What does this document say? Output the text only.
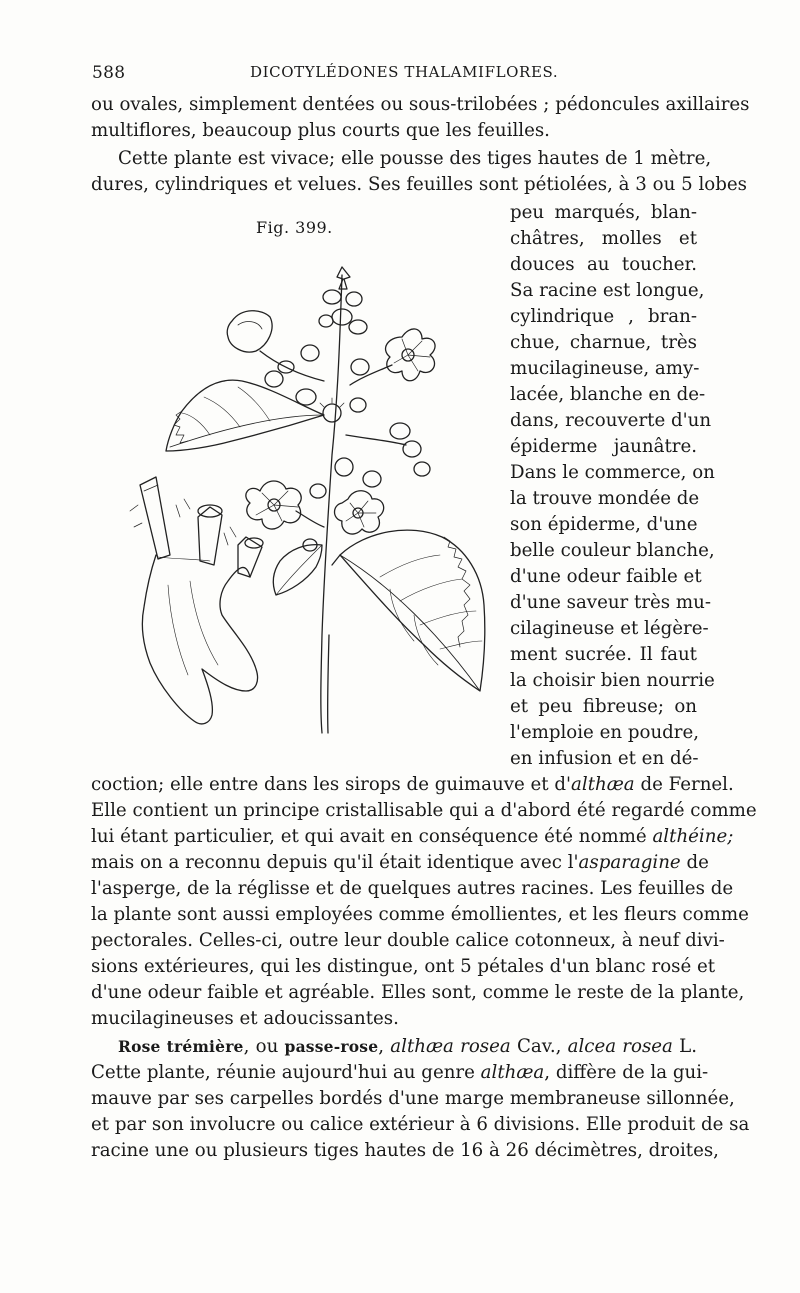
588	DICOTYLÉDONES THALAMIFLORES.
ou ovales, simplement dentées ou sous-trilobées ; pédoncules axillaires
multiflores, beaucoup plus courts que les feuilles.
Cette plante est vivace; elle pousse des tiges hautes de 1 mètre,
dures, cylindriques et velues. Ses feuilles sont pétiolées, à 3 ou 5 lobes
Fig. 399.
peu marqués, blan-
châtres, molles et
douces au toucher.
Sa racine est longue,
cylindrique , bran-
chue, charnue, très
mucilagineuse, amy-
lacée, blanche en de-
dans, recouverte d'un
épiderme jaunâtre.
Dans le commerce, on
la trouve mondée de
son épiderme, d'une
belle couleur blanche,
d'une odeur faible et
d'une saveur très mu-
cilagineuse et légère-
ment sucrée. Il faut
la choisir bien nourrie
et peu fibreuse; on
l'emploie en poudre,
en infusion et en dé-
coction; elle entre dans les sirops de guimauve et d'althæa de Fernel.
Elle contient un principe cristallisable qui a d'abord été regardé comme
lui étant particulier, et qui avait en conséquence été nommé althéine;
mais on a reconnu depuis qu'il était identique avec l'asparagine de
l'asperge, de la réglisse et de quelques autres racines. Les feuilles de
la plante sont aussi employées comme émollientes, et les fleurs comme
pectorales. Celles-ci, outre leur double calice cotonneux, à neuf divi-
sions extérieures, qui les distingue, ont 5 pétales d'un blanc rosé et
d'une odeur faible et agréable. Elles sont, comme le reste de la plante,
mucilagineuses et adoucissantes.
Rose trémière, ou passe-rose, althæa rosea Cav., alcea rosea L.
Cette plante, réunie aujourd'hui au genre althæa, diffère de la gui-
mauve par ses carpelles bordés d'une marge membraneuse sillonnée,
et par son involucre ou calice extérieur à 6 divisions. Elle produit de sa
racine une ou plusieurs tiges hautes de 16 à 26 décimètres, droites,
